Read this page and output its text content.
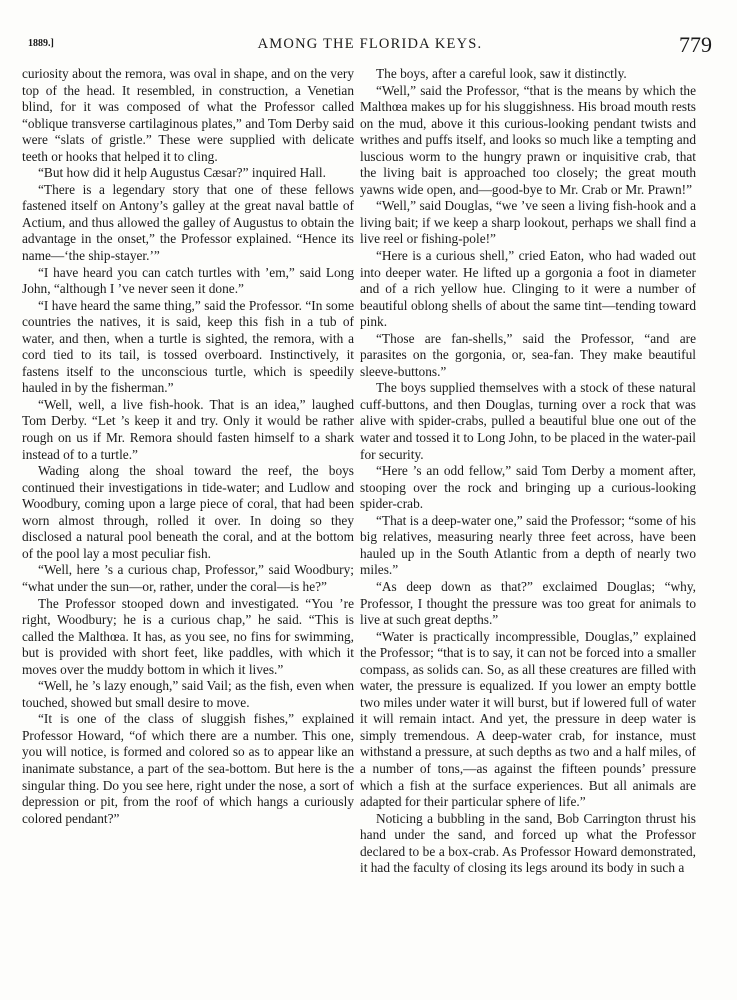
1889.]	AMONG THE FLORIDA KEYS.	779

curiosity about the remora, was oval in shape, and on the very top of the head. It resembled, in construction, a Venetian blind, for it was composed of what the Professor called “oblique transverse cartilaginous plates,” and Tom Derby said were “slats of gristle.” These were supplied with delicate teeth or hooks that helped it to cling.

“But how did it help Augustus Cæsar?” inquired Hall.

“There is a legendary story that one of these fellows fastened itself on Antony’s galley at the great naval battle of Actium, and thus allowed the galley of Augustus to obtain the advantage in the onset,” the Professor explained. “Hence its name—‘the ship-stayer.’”

“I have heard you can catch turtles with ’em,” said Long John, “although I ’ve never seen it done.”

“I have heard the same thing,” said the Professor. “In some countries the natives, it is said, keep this fish in a tub of water, and then, when a turtle is sighted, the remora, with a cord tied to its tail, is tossed overboard. Instinctively, it fastens itself to the unconscious turtle, which is speedily hauled in by the fisherman.”

“Well, well, a live fish-hook. That is an idea,” laughed Tom Derby. “Let ’s keep it and try. Only it would be rather rough on us if Mr. Remora should fasten himself to a shark instead of to a turtle.”

Wading along the shoal toward the reef, the boys continued their investigations in tide-water; and Ludlow and Woodbury, coming upon a large piece of coral, that had been worn almost through, rolled it over. In doing so they disclosed a natural pool beneath the coral, and at the bottom of the pool lay a most peculiar fish.

“Well, here ’s a curious chap, Professor,” said Woodbury; “what under the sun—or, rather, under the coral—is he?”

The Professor stooped down and investigated. “You ’re right, Woodbury; he is a curious chap,” he said. “This is called the Malthœa. It has, as you see, no fins for swimming, but is provided with short feet, like paddles, with which it moves over the muddy bottom in which it lives.”

“Well, he ’s lazy enough,” said Vail; as the fish, even when touched, showed but small desire to move.

“It is one of the class of sluggish fishes,” explained Professor Howard, “of which there are a number. This one, you will notice, is formed and colored so as to appear like an inanimate substance, a part of the sea-bottom. But here is the singular thing. Do you see here, right under the nose, a sort of depression or pit, from the roof of which hangs a curiously colored pendant?”

The boys, after a careful look, saw it distinctly.

“Well,” said the Professor, “that is the means by which the Malthœa makes up for his sluggishness. His broad mouth rests on the mud, above it this curious-looking pendant twists and writhes and puffs itself, and looks so much like a tempting and luscious worm to the hungry prawn or inquisitive crab, that the living bait is approached too closely; the great mouth yawns wide open, and—good-bye to Mr. Crab or Mr. Prawn!”

“Well,” said Douglas, “we ’ve seen a living fish-hook and a living bait; if we keep a sharp lookout, perhaps we shall find a live reel or fishing-pole!”

“Here is a curious shell,” cried Eaton, who had waded out into deeper water. He lifted up a gorgonia a foot in diameter and of a rich yellow hue. Clinging to it were a number of beautiful oblong shells of about the same tint—tending toward pink.

“Those are fan-shells,” said the Professor, “and are parasites on the gorgonia, or, sea-fan. They make beautiful sleeve-buttons.”

The boys supplied themselves with a stock of these natural cuff-buttons, and then Douglas, turning over a rock that was alive with spider-crabs, pulled a beautiful blue one out of the water and tossed it to Long John, to be placed in the water-pail for security.

“Here ’s an odd fellow,” said Tom Derby a moment after, stooping over the rock and bringing up a curious-looking spider-crab.

“That is a deep-water one,” said the Professor; “some of his big relatives, measuring nearly three feet across, have been hauled up in the South Atlantic from a depth of nearly two miles.”

“As deep down as that?” exclaimed Douglas; “why, Professor, I thought the pressure was too great for animals to live at such great depths.”

“Water is practically incompressible, Douglas,” explained the Professor; “that is to say, it can not be forced into a smaller compass, as solids can. So, as all these creatures are filled with water, the pressure is equalized. If you lower an empty bottle two miles under water it will burst, but if lowered full of water it will remain intact. And yet, the pressure in deep water is simply tremendous. A deep-water crab, for instance, must withstand a pressure, at such depths as two and a half miles, of a number of tons,—as against the fifteen pounds’ pressure which a fish at the surface experiences. But all animals are adapted for their particular sphere of life.”

Noticing a bubbling in the sand, Bob Carrington thrust his hand under the sand, and forced up what the Professor declared to be a box-crab. As Professor Howard demonstrated, it had the faculty of closing its legs around its body in such a
